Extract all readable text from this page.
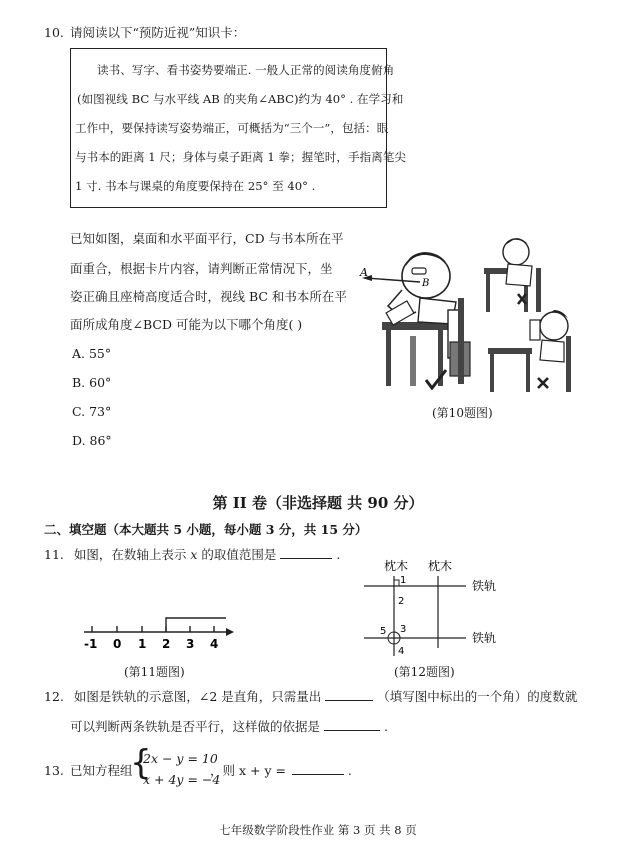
10. 请阅读以下“预防近视”知识卡：
读书、写字、看书姿势要端正. 一般人正常的阅读角度俯角
(如图视线 BC 与水平线 AB 的夹角∠ABC)约为 40° . 在学习和
工作中，要保持读写姿势端正，可概括为“三个一”，包括：眼
与书本的距离 1 尺；身体与桌子距离 1 拳；握笔时，手指离笔尖
1 寸. 书本与课桌的角度要保持在 25° 至 40° .
已知如图，桌面和水平面平行，CD 与书本所在平
面重合，根据卡片内容，请判断正常情况下，坐
姿正确且座椅高度适合时，视线 BC 和书本所在平
面所成角度∠BCD 可能为以下哪个角度( )
A. 55°
B. 60°
C. 73°
D. 86°
A
B
(第10题图)
第 II 卷（非选择题 共 90 分）
二、填空题（本大题共 5 小题，每小题 3 分，共 15 分）
11. 如图，在数轴上表示 x 的取值范围是	.
-1 0 1 2 3 4
(第11题图)
枕木 枕木
铁轨
铁轨
1
2
3
4
5
(第12题图)
12. 如图是铁轨的示意图，∠2 是直角，只需量出	（填写图中标出的一个角）的度数就
可以判断两条铁轨是否平行，这样做的依据是	.
13. 已知方程组
{
2x − y = 10
x + 4y = −4
，则 x + y =	.
七年级数学阶段性作业 第 3 页 共 8 页
